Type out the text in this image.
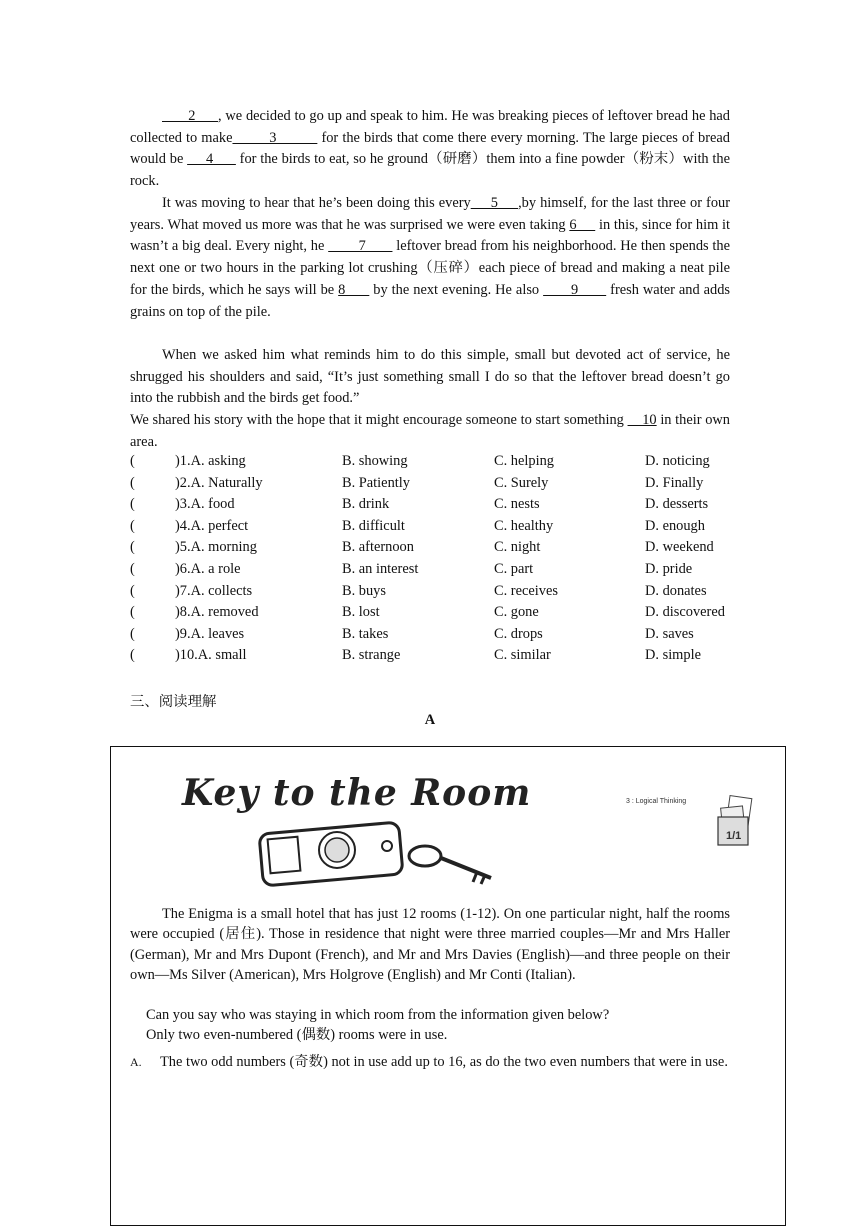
2      , we decided to go up and speak to him. He was breaking pieces of leftover bread he had collected to make         3           for the birds that come there every morning. The large pieces of bread would be      4       for the birds to eat, so he ground（研磨）them into a fine powder（粉末）with the rock.
It was moving to hear that he’s been doing this every     5     ,by himself, for the last three or four years. What moved us more was that he was surprised we were even taking 6      in this, since for him it wasn’t a big deal. Every night, he         7        leftover bread from his neighborhood. He then spends the next one or two hours in the parking lot crushing（压碎）each piece of bread and making a neat pile for the birds, which he says will be 8       by the next evening. He also        9        fresh water and adds grains on top of the pile.
When we asked him what reminds him to do this simple, small but devoted act of service, he shrugged his shoulders and said, “It’s just something small I do so that the leftover bread doesn’t go into the rubbish and the birds get food.”
We shared his story with the hope that it might encourage someone to start something     10 in their own area.
(	)1.A. asking	B. showing	C. helping	D. noticing
(	)2.A. Naturally	B. Patiently	C. Surely	D. Finally
(	)3.A. food	B. drink	C. nests	D. desserts
(	)4.A. perfect	B. difficult	C. healthy	D. enough
(	)5.A. morning	B. afternoon	C. night	D. weekend
(	)6.A. a role	B. an interest	C. part	D. pride
(	)7.A. collects	B. buys	C. receives	D. donates
(	)8.A. removed	B. lost	C. gone	D. discovered
(	)9.A. leaves	B. takes	C. drops	D. saves
(	)10.A. small	B. strange	C. similar	D. simple
三、阅读理解
A
Key to the Room	3 : Logical Thinking
1/1
The Enigma is a small hotel that has just 12 rooms (1-12). On one particular night, half the rooms were occupied (居住). Those in residence that night were three married couples—Mr and Mrs Haller (German), Mr and Mrs Dupont (French), and Mr and Mrs Davies (English)—and three people on their own—Ms Silver (American), Mrs Holgrove (English) and Mr Conti (Italian).
Can you say who was staying in which room from the information given below?
Only two even-numbered (偶数) rooms were in use.
A. The two odd numbers (奇数) not in use add up to 16, as do the two even numbers that were in use.
